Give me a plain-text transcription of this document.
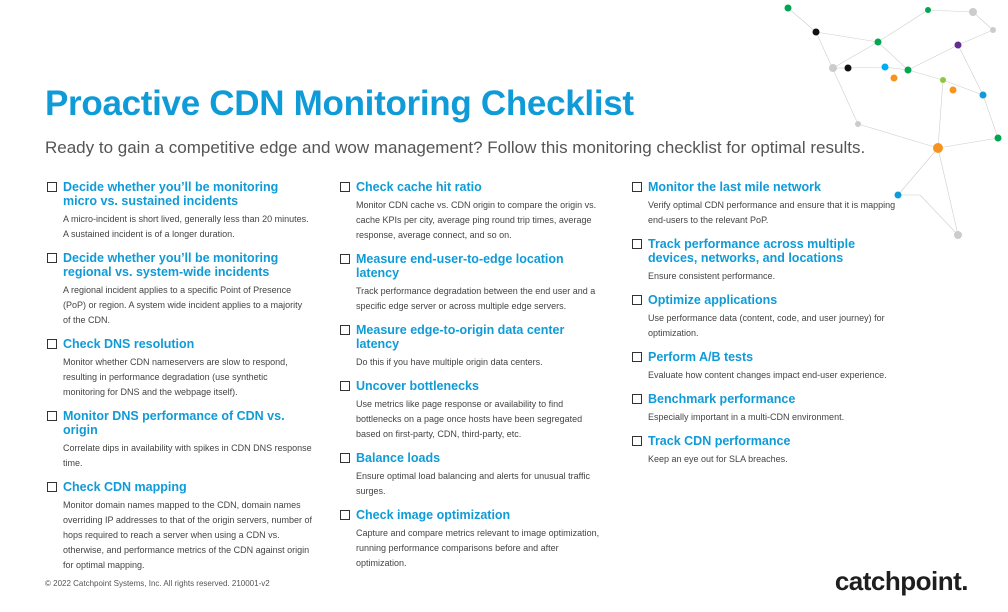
Proactive CDN Monitoring Checklist

Ready to gain a competitive edge and wow management? Follow this monitoring checklist for optimal results.

Decide whether you’ll be monitoring micro vs. sustained incidents
A micro-incident is short lived, generally less than 20 minutes. A sustained incident is of a longer duration.
Decide whether you’ll be monitoring regional vs. system-wide incidents
A regional incident applies to a specific Point of Presence (PoP) or region. A system wide incident applies to a majority of the CDN.
Check DNS resolution
Monitor whether CDN nameservers are slow to respond, resulting in performance degradation (use synthetic monitoring for DNS and the webpage itself).
Monitor DNS performance of CDN vs. origin
Correlate dips in availability with spikes in CDN DNS response time.
Check CDN mapping
Monitor domain names mapped to the CDN, domain names overriding IP addresses to that of the origin servers, number of hops required to reach a server when using a CDN vs. otherwise, and performance metrics of the CDN against origin for optimal mapping.
Check cache hit ratio
Monitor CDN cache vs. CDN origin to compare the origin vs. cache KPIs per city, average ping round trip times, average response, average connect, and so on.
Measure end-user-to-edge location latency
Track performance degradation between the end user and a specific edge server or across multiple edge servers.
Measure edge-to-origin data center latency
Do this if you have multiple origin data centers.
Uncover bottlenecks
Use metrics like page response or availability to find bottlenecks on a page once hosts have been segregated based on first-party, CDN, third-party, etc.
Balance loads
Ensure optimal load balancing and alerts for unusual traffic surges.
Check image optimization
Capture and compare metrics relevant to image optimization, running performance comparisons before and after optimization.
Monitor the last mile network
Verify optimal CDN performance and ensure that it is mapping end-users to the relevant PoP.
Track performance across multiple devices, networks, and locations
Ensure consistent performance.
Optimize applications
Use performance data (content, code, and user journey) for optimization.
Perform A/B tests
Evaluate how content changes impact end-user experience.
Benchmark performance
Especially important in a multi-CDN environment.
Track CDN performance
Keep an eye out for SLA breaches.
© 2022 Catchpoint Systems, Inc. All rights reserved. 210001-v2	catchpoint.
